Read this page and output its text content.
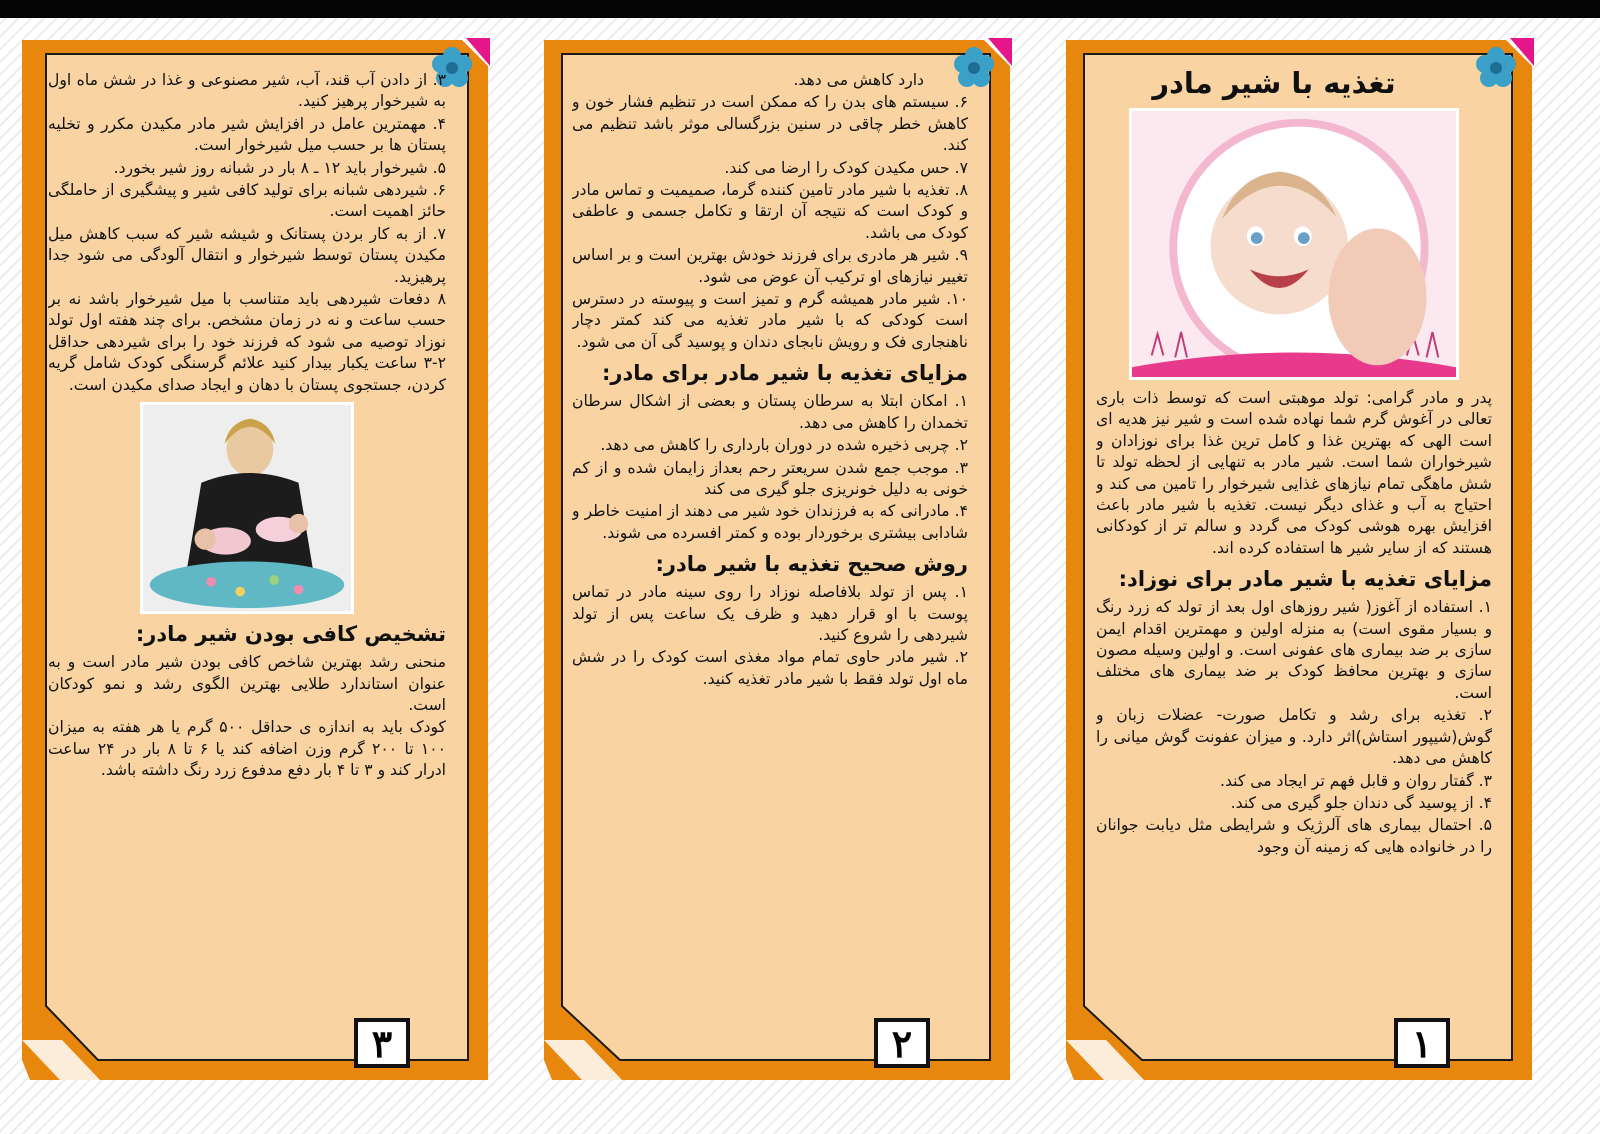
۳. از دادن آب قند، آب، شیر مصنوعی و غذا در شش ماه اول به شیرخوار پرهیز کنید.

۴. مهمترین عامل در افزایش شیر مادر مکیدن مکرر و تخلیه پستان ها بر حسب میل شیرخوار است.

۵. شیرخوار باید ۱۲ ـ ۸ بار در شبانه روز شیر بخورد.

۶. شیردهی شبانه برای تولید کافی شیر و پیشگیری از حاملگی حائز اهمیت است.

۷. از به کار بردن پستانک و شیشه شیر که سبب کاهش میل مکیدن پستان توسط شیرخوار و انتقال آلودگی می شود جدا پرهیزید.

۸ دفعات شیردهی باید متناسب با میل شیرخوار باشد نه بر حسب ساعت و نه در زمان مشخص. برای چند هفته اول تولد نوزاد توصیه می شود که فرزند خود را برای شیردهی حداقل ۲-۳ ساعت یکبار بیدار کنید علائم گرسنگی کودک شامل گریه کردن، جستجوی پستان با دهان و ایجاد صدای مکیدن است.

تشخیص کافی بودن شیر مادر:

منحنی رشد بهترین شاخص کافی بودن شیر مادر است و به عنوان استاندارد طلایی بهترین الگوی رشد و نمو کودکان است.

کودک باید به اندازه ی حداقل ۵۰۰ گرم یا هر هفته به میزان ۱۰۰ تا ۲۰۰ گرم وزن اضافه کند یا ۶ تا ۸ بار در ۲۴ ساعت ادرار کند و ۳ تا ۴ بار دفع مدفوع زرد رنگ داشته باشد.

۳

دارد کاهش می دهد.

۶. سیستم های بدن را که ممکن است در تنظیم فشار خون و کاهش خطر چاقی در سنین بزرگسالی موثر باشد تنظیم می کند.

۷. حس مکیدن کودک را ارضا می کند.

۸. تغذیه با شیر مادر تامین کننده گرما، صمیمیت و تماس مادر و کودک است که نتیجه آن ارتقا و تکامل جسمی و عاطفی کودک می باشد.

۹. شیر هر مادری برای فرزند خودش بهترین است و بر اساس تغییر نیازهای او ترکیب آن عوض می شود.

۱۰. شیر مادر همیشه گرم و تمیز است و پیوسته در دسترس است کودکی که با شیر مادر تغذیه می کند کمتر دچار ناهنجاری فک و رویش نابجای دندان و پوسید گی آن می شود.

مزایای تغذیه با شیر مادر برای مادر:

۱. امکان ابتلا به سرطان پستان و بعضی از اشکال سرطان تخمدان را کاهش می دهد.

۲. چربی ذخیره شده در دوران بارداری را کاهش می دهد.

۳. موجب جمع شدن سریعتر رحم بعداز زایمان شده و از کم خونی به دلیل خونریزی جلو گیری می کند

۴. مادرانی که به فرزندان خود شیر می دهند از امنیت خاطر و شادابی بیشتری برخوردار بوده و کمتر افسرده می شوند.

روش صحیح تغذیه با شیر مادر:

۱. پس از تولد بلافاصله نوزاد را روی سینه مادر در تماس پوست با او قرار دهید و ظرف یک ساعت پس از تولد شیردهی را شروع کنید.

۲. شیر مادر حاوی تمام مواد مغذی است کودک را در شش ماه اول تولد فقط با شیر مادر تغذیه کنید.

۲
تغذیه با شیر مادر

پدر و مادر گرامی: تولد موهبتی است که توسط ذات باری تعالی در آغوش گرم شما نهاده شده است و شیر نیز هدیه ای است الهی که بهترین غذا و کامل ترین غذا برای نوزادان و شیرخواران شما است. شیر مادر به تنهایی از لحظه تولد تا شش ماهگی تمام نیازهای غذایی شیرخوار را تامین می کند و احتیاج به آب و غذای دیگر نیست. تغذیه با شیر مادر باعث افزایش بهره هوشی کودک می گردد و سالم تر از کودکانی هستند که از سایر شیر ها استفاده کرده اند.

مزایای تغذیه با شیر مادر برای نوزاد:

۱. استفاده از آغوز( شیر روزهای اول بعد از تولد که زرد رنگ و بسیار مقوی است) به منزله اولین و مهمترین اقدام ایمن سازی بر ضد بیماری های عفونی است. و اولین وسیله مصون سازی و بهترین محافظ کودک بر ضد بیماری های مختلف است.

۲. تغذیه برای رشد و تکامل صورت- عضلات زبان و گوش(شیپور استاش)اثر دارد. و میزان عفونت گوش میانی را کاهش می دهد.

۳. گفتار روان و قابل فهم تر ایجاد می کند.

۴. از پوسید گی دندان جلو گیری می کند.

۵. احتمال بیماری های آلرژیک و شرایطی مثل دیابت جوانان را در خانواده هایی که زمینه آن وجود

۱
